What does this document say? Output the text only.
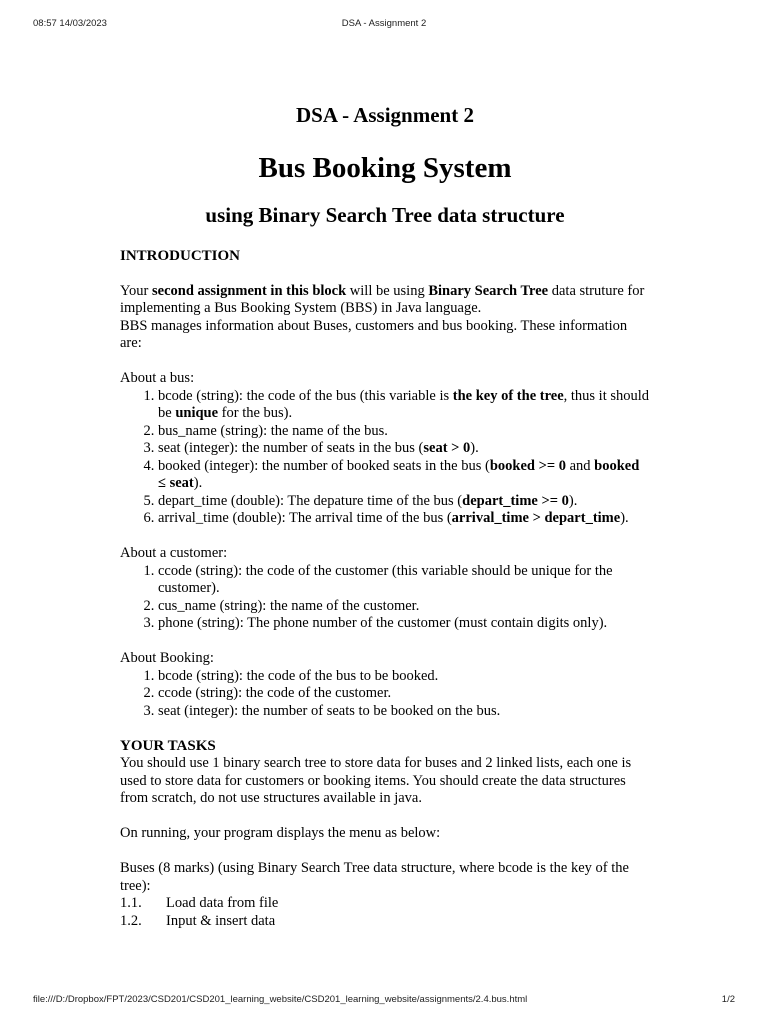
08:57 14/03/2023	DSA - Assignment 2
DSA - Assignment 2
Bus Booking System
using Binary Search Tree data structure

INTRODUCTION

Your second assignment in this block will be using Binary Search Tree data struture for implementing a Bus Booking System (BBS) in Java language.

BBS manages information about Buses, customers and bus booking. These information are:

About a bus:

1. bcode (string): the code of the bus (this variable is the key of the tree, thus it should be unique for the bus).
2. bus_name (string): the name of the bus.
3. seat (integer): the number of seats in the bus (seat > 0).
4. booked (integer): the number of booked seats in the bus (booked >= 0 and booked ≤ seat).
5. depart_time (double): The depature time of the bus (depart_time >= 0).
6. arrival_time (double): The arrival time of the bus (arrival_time > depart_time).

About a customer:

1. ccode (string): the code of the customer (this variable should be unique for the customer).
2. cus_name (string): the name of the customer.
3. phone (string): The phone number of the customer (must contain digits only).

About Booking:

1. bcode (string): the code of the bus to be booked.
2. ccode (string): the code of the customer.
3. seat (integer): the number of seats to be booked on the bus.

YOUR TASKS

You should use 1 binary search tree to store data for buses and 2 linked lists, each one is used to store data for customers or booking items. You should create the data structures from scratch, do not use structures available in java.

On running, your program displays the menu as below:

Buses (8 marks) (using Binary Search Tree data structure, where bcode is the key of the tree):

1.1.	Load data from file
1.2.	Input & insert data
file:///D:/Dropbox/FPT/2023/CSD201/CSD201_learning_website/CSD201_learning_website/assignments/2.4.bus.html	1/2
